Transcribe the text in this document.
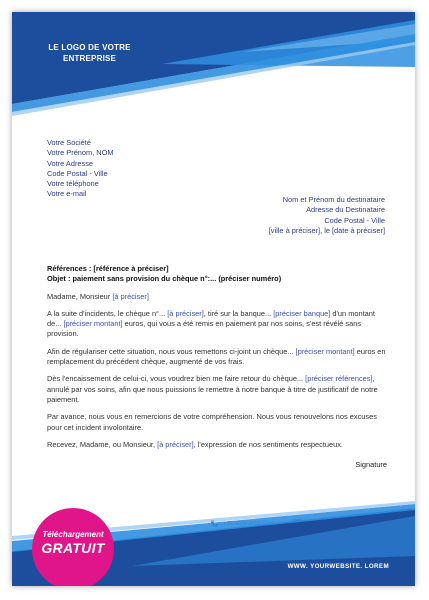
LE LOGO DE VOTRE
ENTREPRISE
Votre Société
Votre Prénom, NOM
Votre Adresse
Code Postal - Ville
Votre téléphone
Votre e-mail
Nom et Prénom du destinataire
Adresse du Destinataire
Code Postal - Ville
[ville à préciser], le [date à préciser]
Références : [référence à préciser]
Objet : paiement sans provision du chèque n°:... (préciser numéro)

Madame, Monsieur [à préciser]

A la suite d'incidents, le chèque n°... [à préciser], tiré sur la banque... [préciser banque] d'un montant de... [préciser montant] euros, qui vous a été remis en paiement par nos soins, s'est révélé sans provision.

Afin de régulariser cette situation, nous vous remettons ci-joint un chèque... [préciser montant] euros en remplacement du précédent chèque, augmenté de vos frais.

Dès l'encaissement de celui-ci, vous voudrez bien me faire retour du chèque... [préciser références], annulé par vos soins, afin que nous puissions le remettre à notre banque à titre de justificatif de notre paiement.

Par avance, nous vous en remercions de votre compréhension. Nous vous renouvelons nos excuses pour cet incident involontaire.

Recevez, Madame, ou Monsieur, [à préciser], l'expression de nos sentiments respectueux.

Signature
WWW. YOURWEBSITE. LOREM
Téléchargement
GRATUIT
